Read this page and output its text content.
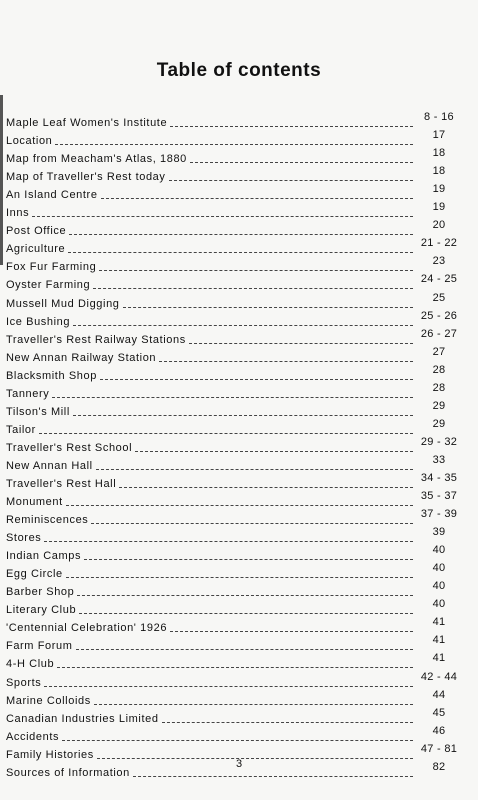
Table of contents
Maple Leaf Women's Institute	8 - 16
Location	17
Map from Meacham's Atlas, 1880	18
Map of Traveller's Rest today	18
An Island Centre	19
Inns	19
Post Office	20
Agriculture	21 - 22
Fox Fur Farming	23
Oyster Farming	24 - 25
Mussell Mud Digging	25
Ice Bushing	25 - 26
Traveller's Rest Railway Stations	26 - 27
New Annan Railway Station	27
Blacksmith Shop	28
Tannery	28
Tilson's Mill	29
Tailor	29
Traveller's Rest School	29 - 32
New Annan Hall	33
Traveller's Rest Hall	34 - 35
Monument	35 - 37
Reminiscences	37 - 39
Stores	39
Indian Camps	40
Egg Circle	40
Barber Shop	40
Literary Club	40
'Centennial Celebration' 1926	41
Farm Forum	41
4-H Club	41
Sports	42 - 44
Marine Colloids	44
Canadian Industries Limited	45
Accidents	46
Family Histories	47 - 81
Sources of Information	82
3
